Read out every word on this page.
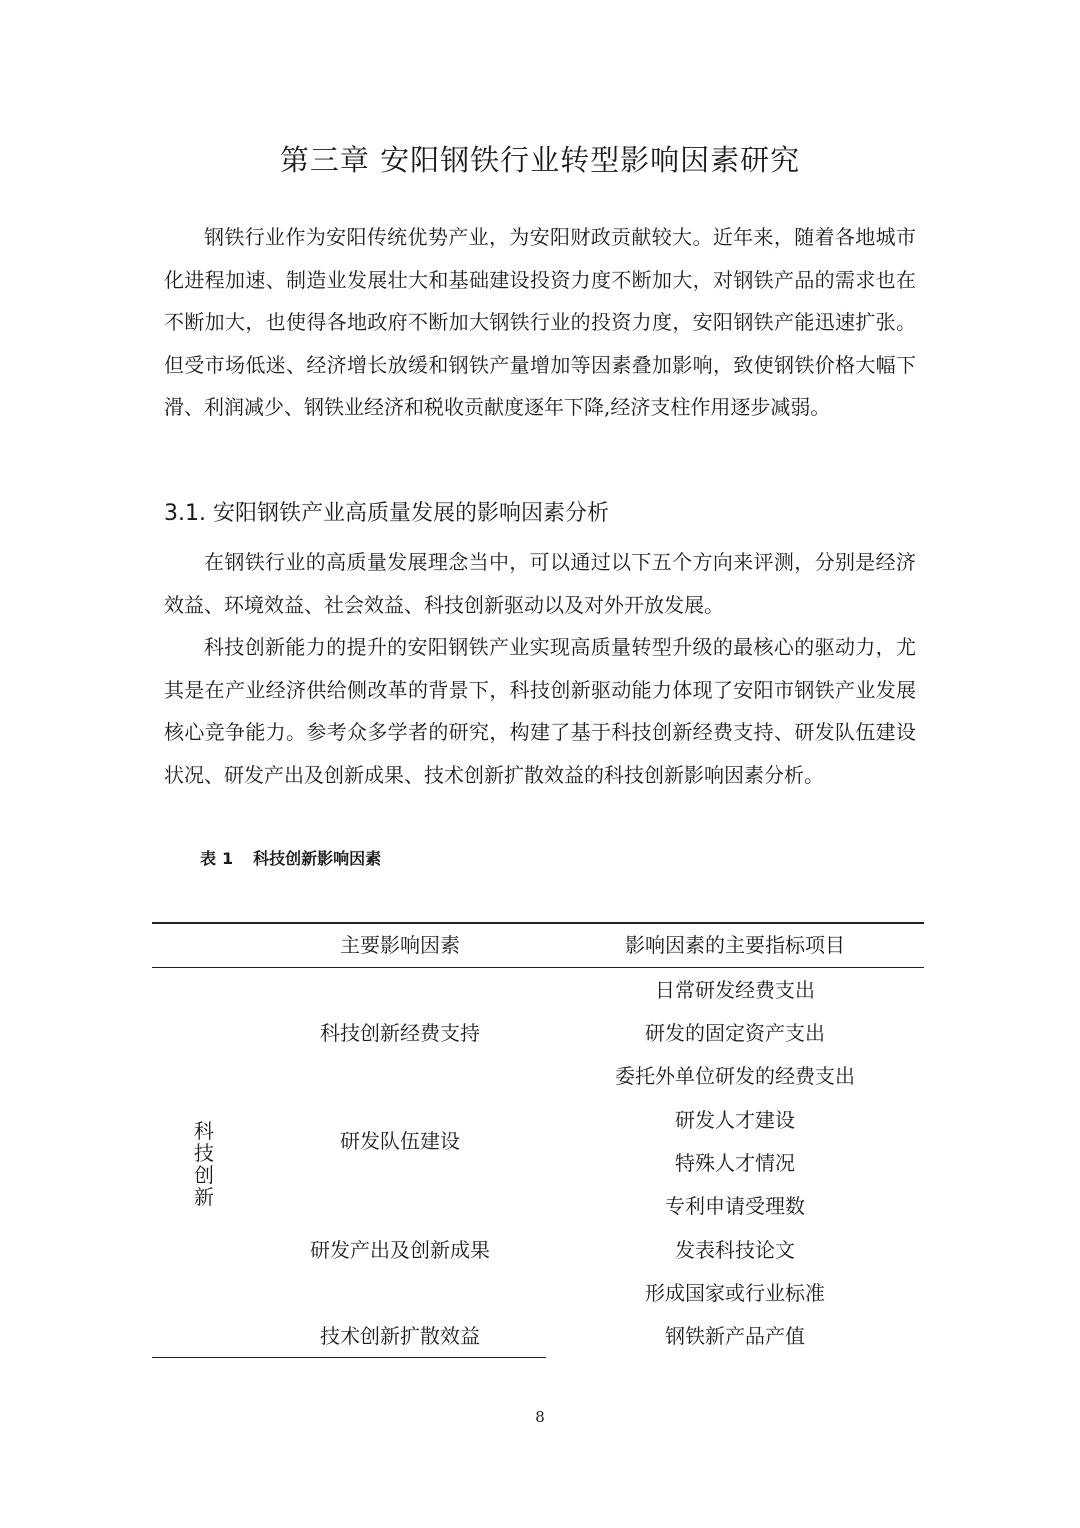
第三章 安阳钢铁行业转型影响因素研究

钢铁行业作为安阳传统优势产业，为安阳财政贡献较大。近年来，随着各地城市化进程加速、制造业发展壮大和基础建设投资力度不断加大，对钢铁产品的需求也在不断加大，也使得各地政府不断加大钢铁行业的投资力度，安阳钢铁产能迅速扩张。但受市场低迷、经济增长放缓和钢铁产量增加等因素叠加影响，致使钢铁价格大幅下滑、利润减少、钢铁业经济和税收贡献度逐年下降,经济支柱作用逐步减弱。

3.1. 安阳钢铁产业高质量发展的影响因素分析

在钢铁行业的高质量发展理念当中，可以通过以下五个方向来评测，分别是经济效益、环境效益、社会效益、科技创新驱动以及对外开放发展。

科技创新能力的提升的安阳钢铁产业实现高质量转型升级的最核心的驱动力，尤其是在产业经济供给侧改革的背景下，科技创新驱动能力体现了安阳市钢铁产业发展核心竞争能力。参考众多学者的研究，构建了基于科技创新经费支持、研发队伍建设状况、研发产出及创新成果、技术创新扩散效益的科技创新影响因素分析。

表 1 科技创新影响因素
主要影响因素	影响因素的主要指标项目
科技创新
科技创新经费支持
研发队伍建设
研发产出及创新成果
技术创新扩散效益
日常研发经费支出
研发的固定资产支出
委托外单位研发的经费支出
研发人才建设
特殊人才情况
专利申请受理数
发表科技论文
形成国家或行业标准
钢铁新产品产值
8
